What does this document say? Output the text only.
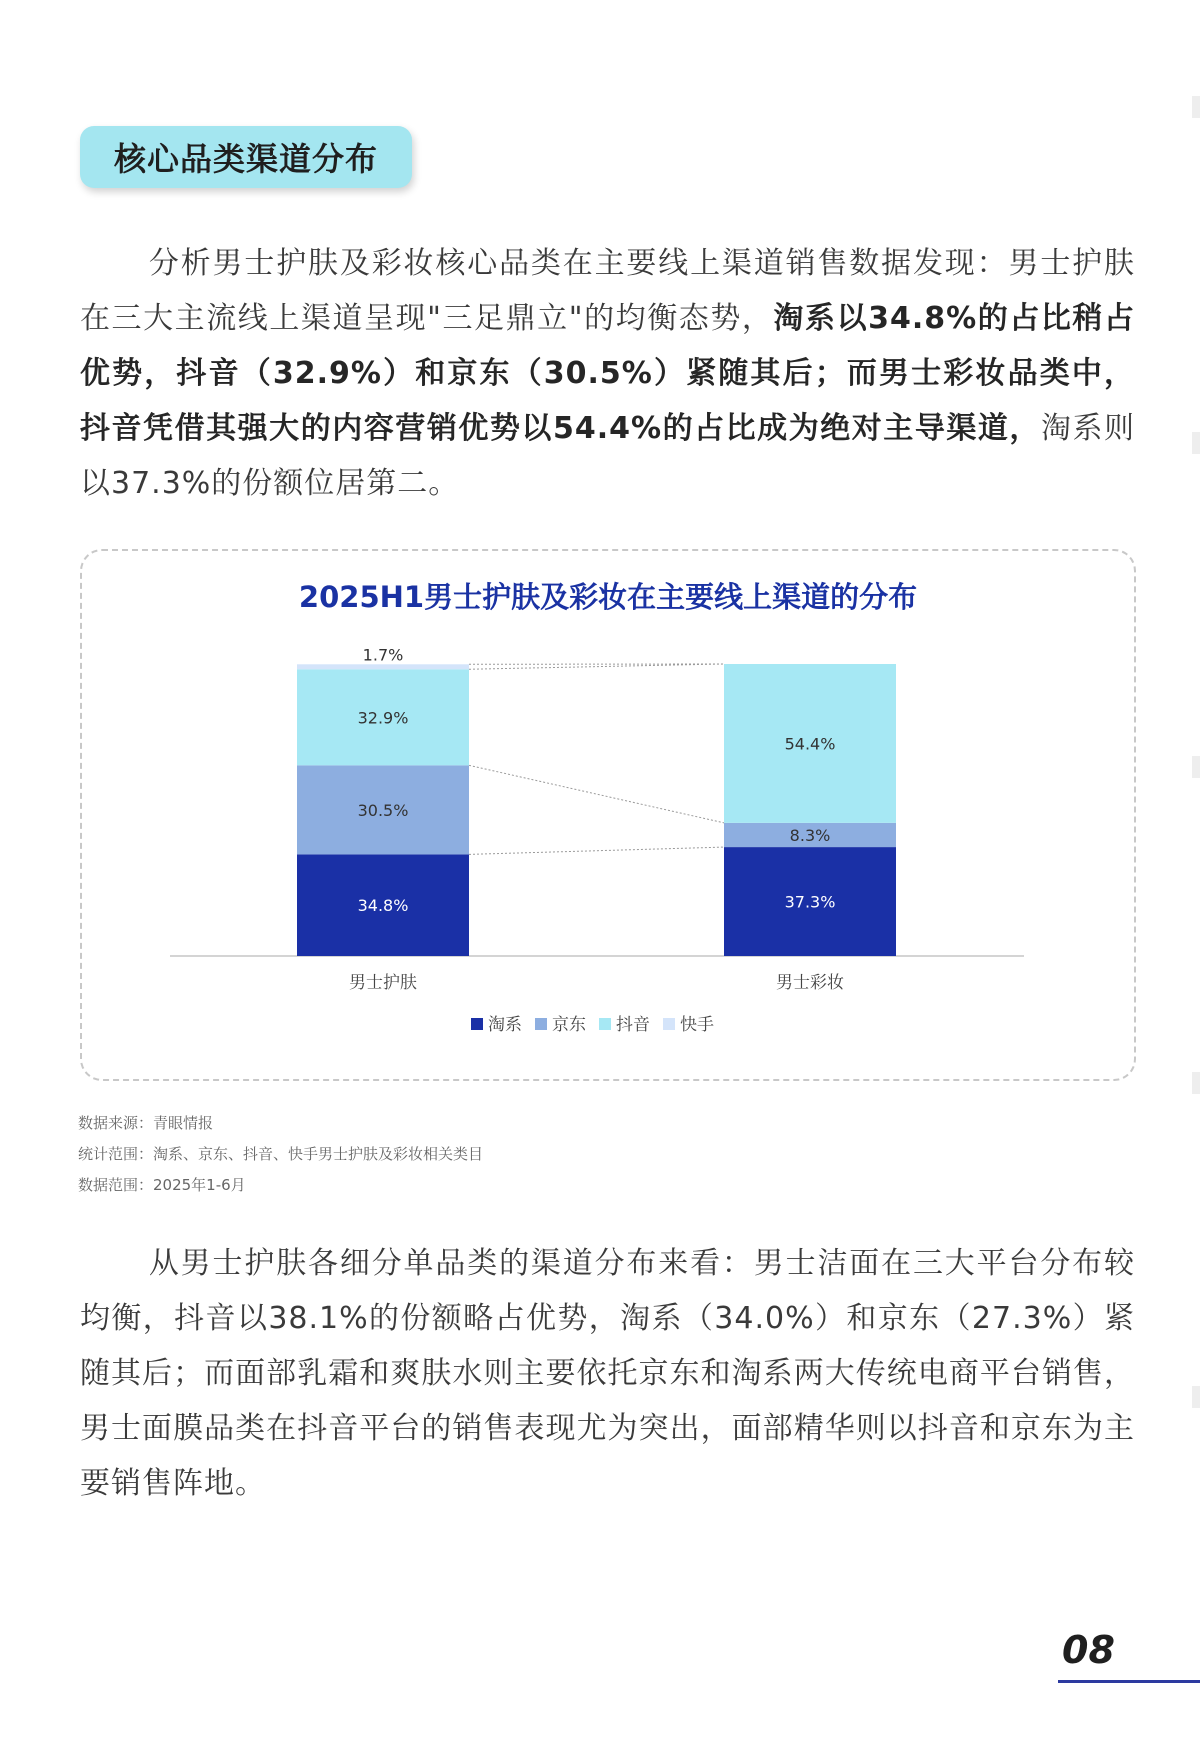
核心品类渠道分布
分析男士护肤及彩妆核心品类在主要线上渠道销售数据发现：男士护肤在三大主流线上渠道呈现"三足鼎立"的均衡态势，淘系以34.8%的占比稍占优势，抖音（32.9%）和京东（30.5%）紧随其后；而男士彩妆品类中，抖音凭借其强大的内容营销优势以54.4%的占比成为绝对主导渠道，淘系则以37.3%的份额位居第二。
2025H1男士护肤及彩妆在主要线上渠道的分布
男士护肤	男士彩妆
34.8%
30.5%
32.9%
1.7%
37.3%
8.3%
54.4%
淘系 京东 抖音 快手
数据来源：青眼情报
统计范围：淘系、京东、抖音、快手男士护肤及彩妆相关类目
数据范围：2025年1-6月
从男士护肤各细分单品类的渠道分布来看：男士洁面在三大平台分布较均衡，抖音以38.1%的份额略占优势，淘系（34.0%）和京东（27.3%）紧随其后；而面部乳霜和爽肤水则主要依托京东和淘系两大传统电商平台销售，男士面膜品类在抖音平台的销售表现尤为突出，面部精华则以抖音和京东为主要销售阵地。
08
